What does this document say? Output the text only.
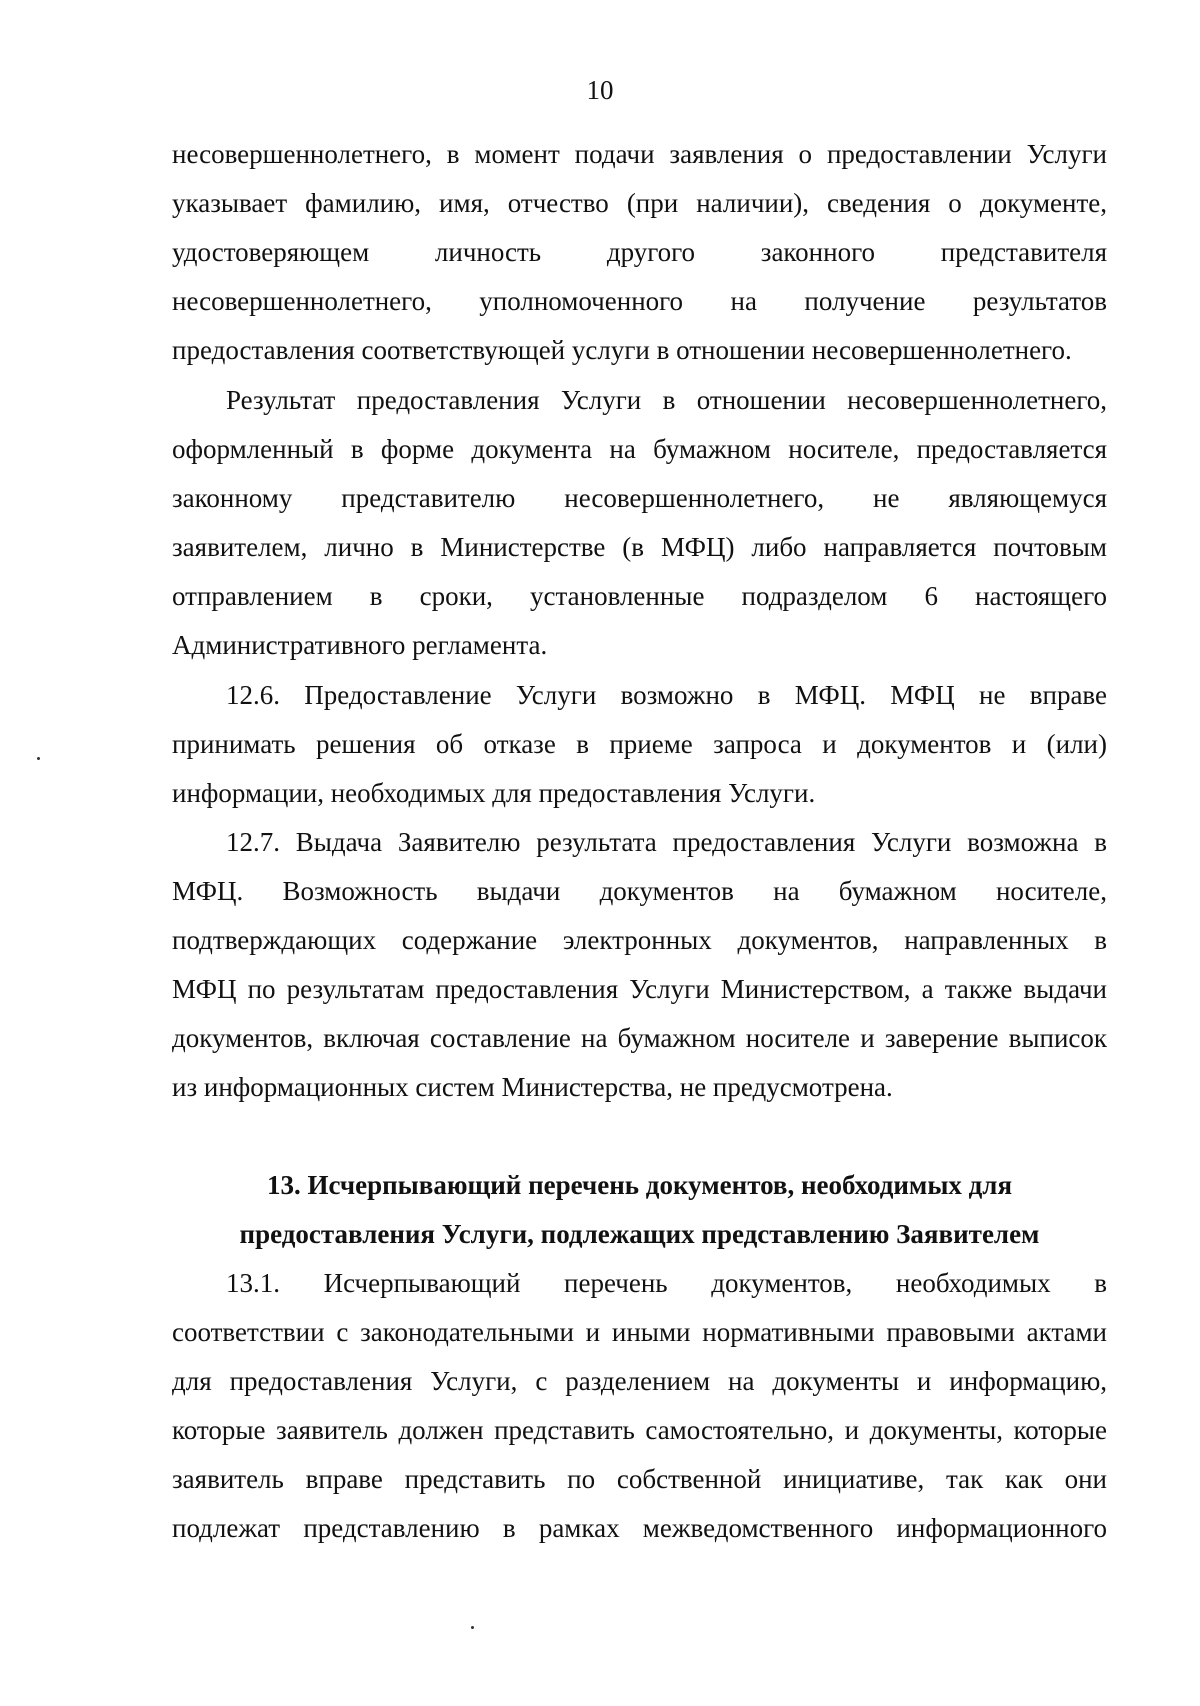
10
несовершеннолетнего, в момент подачи заявления о предоставлении Услуги
указывает фамилию, имя, отчество (при наличии), сведения о документе,
удостоверяющем личность другого законного представителя
несовершеннолетнего, уполномоченного на получение результатов
предоставления соответствующей услуги в отношении несовершеннолетнего.
Результат предоставления Услуги в отношении несовершеннолетнего,
оформленный в форме документа на бумажном носителе, предоставляется
законному представителю несовершеннолетнего, не являющемуся
заявителем, лично в Министерстве (в МФЦ) либо направляется почтовым
отправлением в сроки, установленные подразделом 6 настоящего
Административного регламента.
12.6. Предоставление Услуги возможно в МФЦ. МФЦ не вправе
принимать решения об отказе в приеме запроса и документов и (или)
информации, необходимых для предоставления Услуги.
12.7. Выдача Заявителю результата предоставления Услуги возможна в
МФЦ. Возможность выдачи документов на бумажном носителе,
подтверждающих содержание электронных документов, направленных в
МФЦ по результатам предоставления Услуги Министерством, а также выдачи
документов, включая составление на бумажном носителе и заверение выписок
из информационных систем Министерства, не предусмотрена.
13. Исчерпывающий перечень документов, необходимых для
предоставления Услуги, подлежащих представлению Заявителем
13.1. Исчерпывающий перечень документов, необходимых в
соответствии с законодательными и иными нормативными правовыми актами
для предоставления Услуги, с разделением на документы и информацию,
которые заявитель должен представить самостоятельно, и документы, которые
заявитель вправе представить по собственной инициативе, так как они
подлежат представлению в рамках межведомственного информационного
